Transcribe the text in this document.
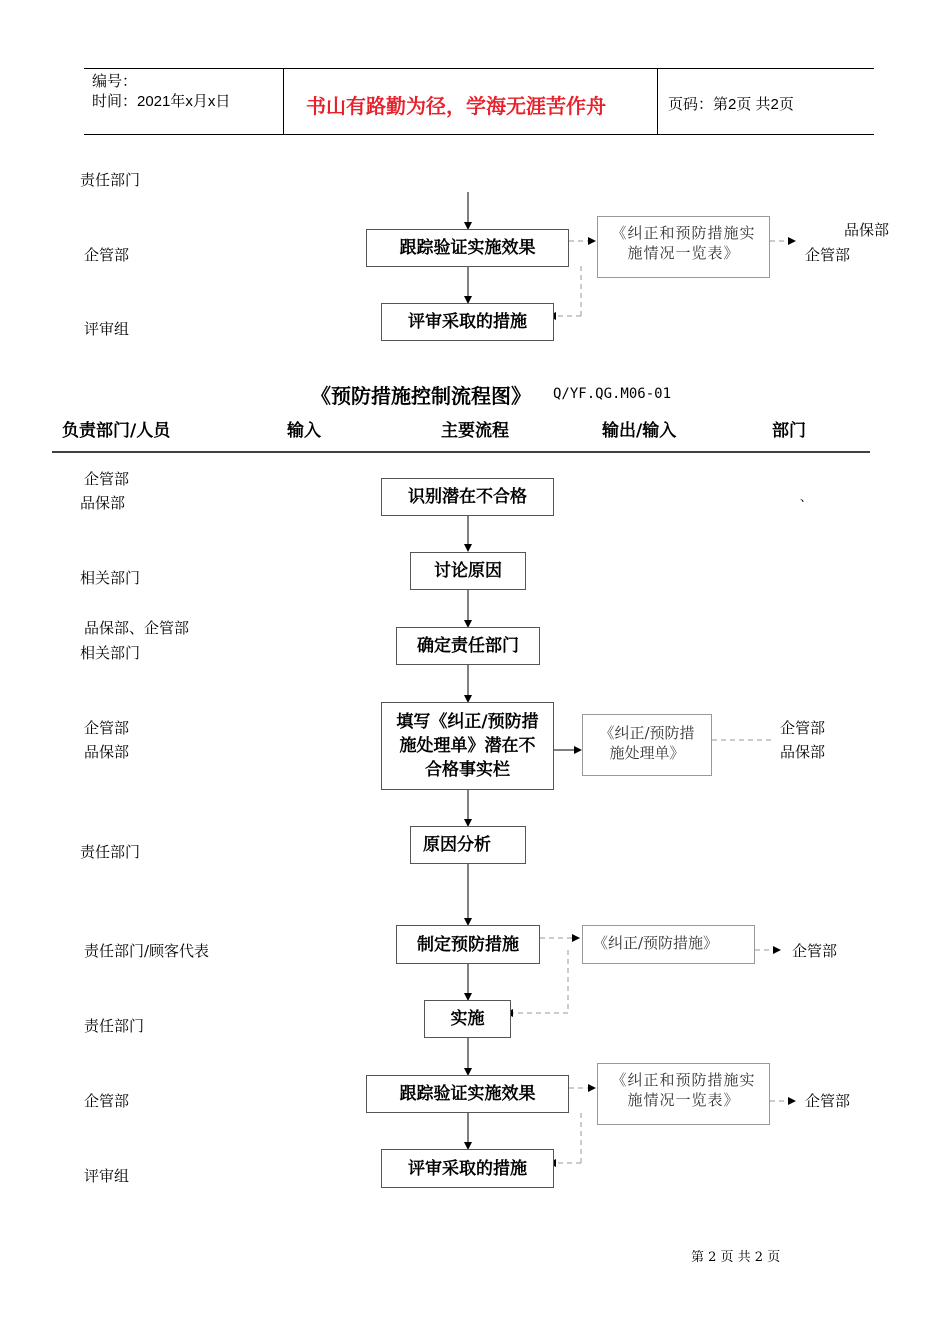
编号：
时间：2021年x月x日	书山有路勤为径，学海无涯苦作舟	页码：第2页 共2页
责任部门
企管部
评审组
跟踪验证实施效果
评审采取的措施
《纠正和预防措施实施情况一览表》
品保部
企管部
《预防措施控制流程图》 Q/YF.QG.M06-01
负责部门/人员	输入	主要流程	输出/输入	部门
企管部
品保部
相关部门
品保部、企管部
相关部门
企管部
品保部
责任部门
责任部门/顾客代表
责任部门
企管部
评审组
识别潜在不合格
讨论原因
确定责任部门
填写《纠正/预防措施处理单》潜在不合格事实栏
原因分析
制定预防措施
实施
跟踪验证实施效果
评审采取的措施
《纠正/预防措施处理单》
《纠正/预防措施》
《纠正和预防措施实施情况一览表》
、
企管部
品保部
企管部
企管部
第 2 页 共 2 页
